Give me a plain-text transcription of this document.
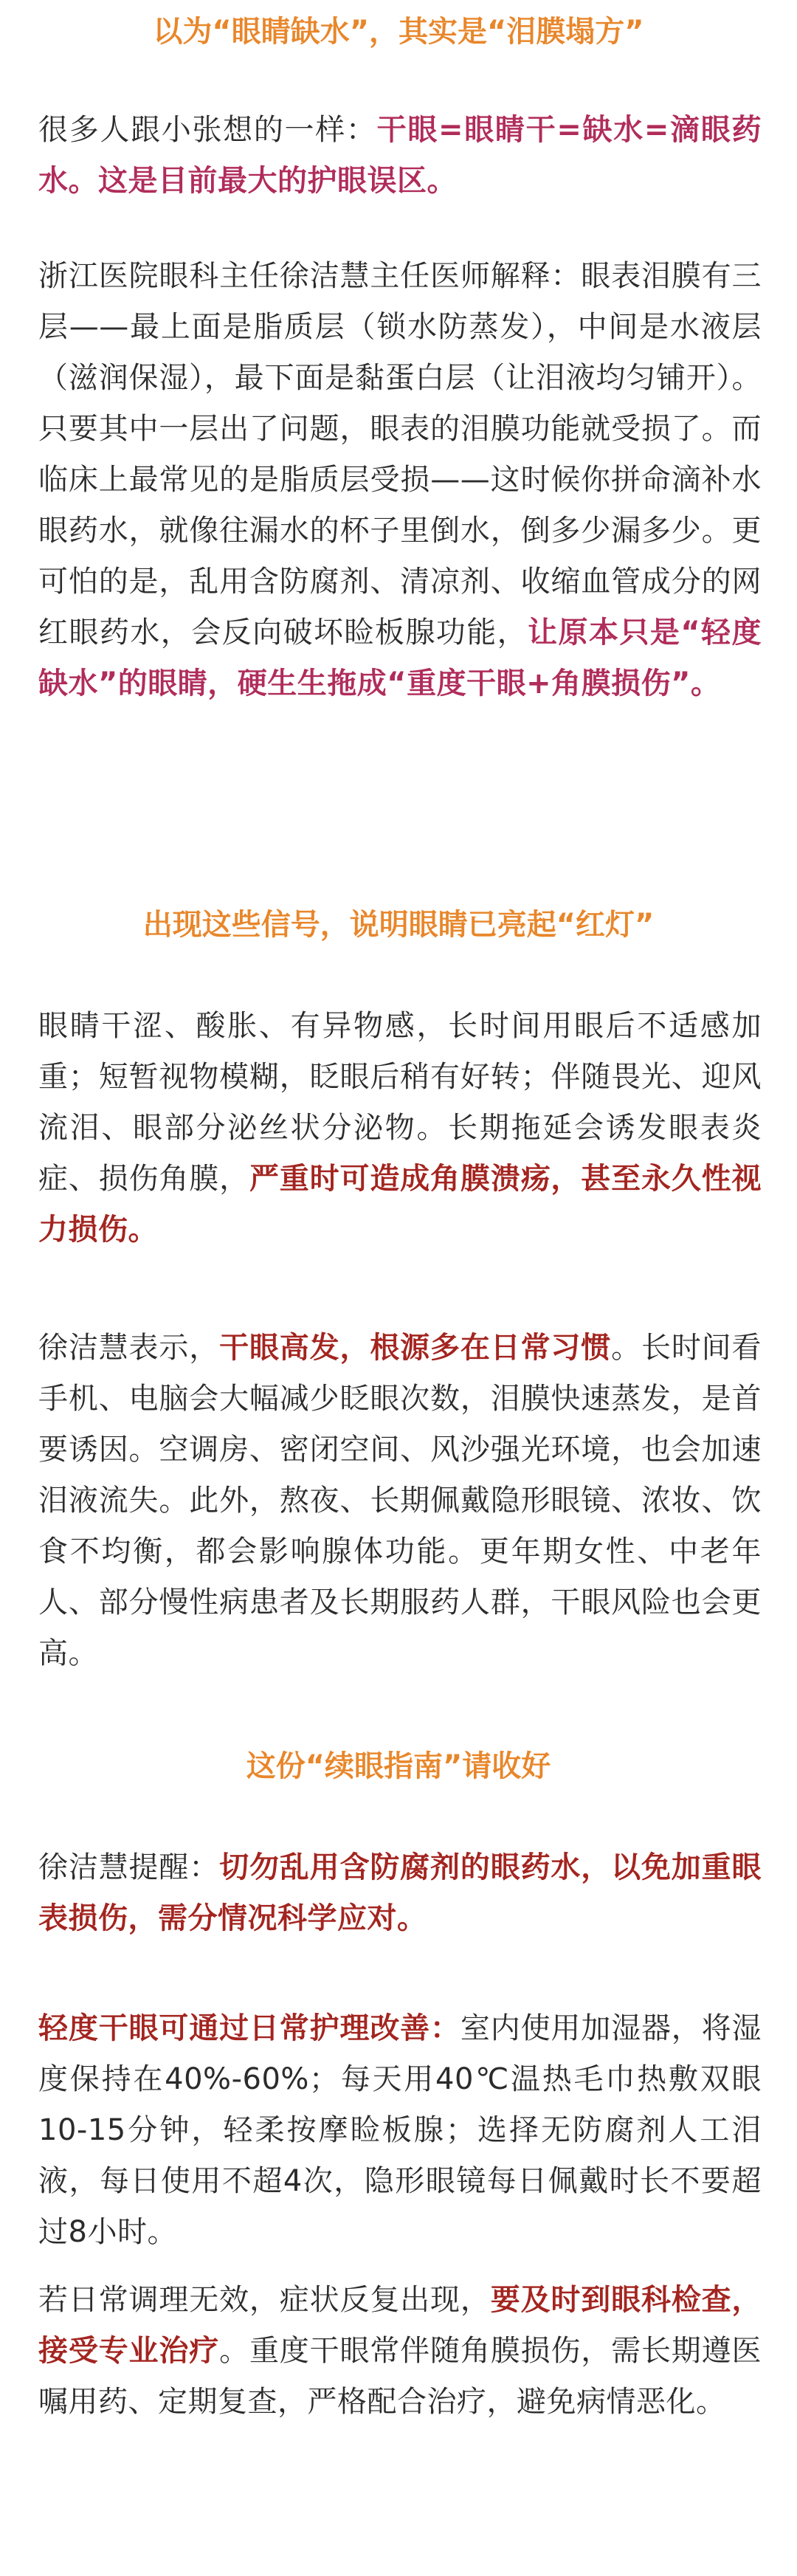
以为“眼睛缺水”，其实是“泪膜塌方”

很多人跟小张想的一样：干眼=眼睛干=缺水=滴眼药水。这是目前最大的护眼误区。

浙江医院眼科主任徐洁慧主任医师解释：眼表泪膜有三层——最上面是脂质层（锁水防蒸发），中间是水液层（滋润保湿），最下面是黏蛋白层（让泪液均匀铺开）。只要其中一层出了问题，眼表的泪膜功能就受损了。而临床上最常见的是脂质层受损——这时候你拼命滴补水眼药水，就像往漏水的杯子里倒水，倒多少漏多少。更可怕的是，乱用含防腐剂、清凉剂、收缩血管成分的网红眼药水，会反向破坏睑板腺功能，让原本只是“轻度缺水”的眼睛，硬生生拖成“重度干眼+角膜损伤”。

出现这些信号，说明眼睛已亮起“红灯”

眼睛干涩、酸胀、有异物感，长时间用眼后不适感加重；短暂视物模糊，眨眼后稍有好转；伴随畏光、迎风流泪、眼部分泌丝状分泌物。长期拖延会诱发眼表炎症、损伤角膜，严重时可造成角膜溃疡，甚至永久性视力损伤。

徐洁慧表示，干眼高发，根源多在日常习惯。长时间看手机、电脑会大幅减少眨眼次数，泪膜快速蒸发，是首要诱因。空调房、密闭空间、风沙强光环境，也会加速泪液流失。此外，熬夜、长期佩戴隐形眼镜、浓妆、饮食不均衡，都会影响腺体功能。更年期女性、中老年人、部分慢性病患者及长期服药人群，干眼风险也会更高。

这份“续眼指南”请收好

徐洁慧提醒：切勿乱用含防腐剂的眼药水，以免加重眼表损伤，需分情况科学应对。

轻度干眼可通过日常护理改善：室内使用加湿器，将湿度保持在40%-60%；每天用40℃温热毛巾热敷双眼10-15分钟，轻柔按摩睑板腺；选择无防腐剂人工泪液，每日使用不超4次，隐形眼镜每日佩戴时长不要超过8小时。

若日常调理无效，症状反复出现，要及时到眼科检查，接受专业治疗。重度干眼常伴随角膜损伤，需长期遵医嘱用药、定期复查，严格配合治疗，避免病情恶化。
